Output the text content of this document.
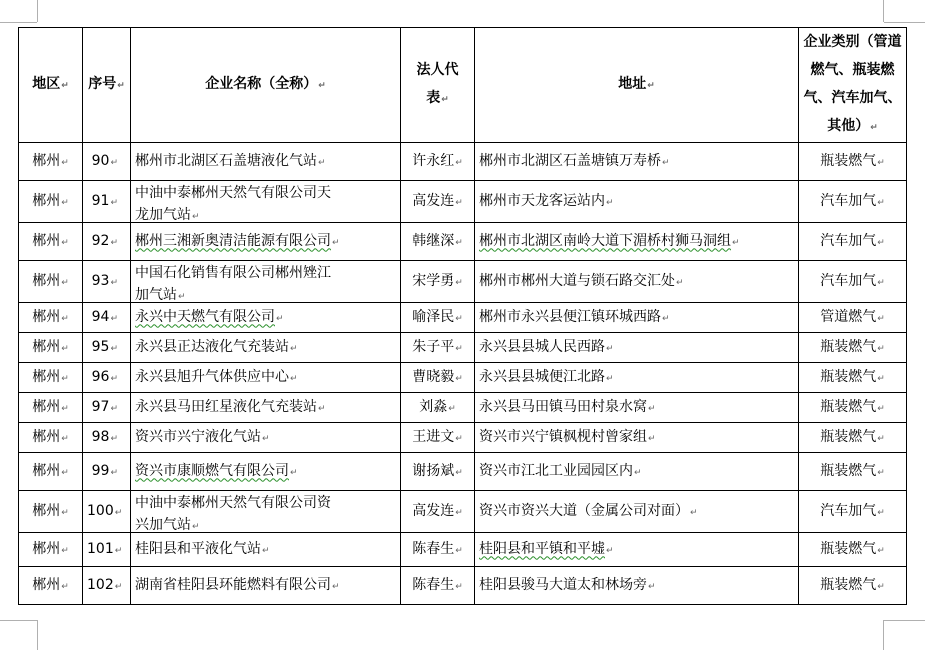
地区↵	序号↵	企业名称（全称）↵	法人代表↵	地址↵	企业类别（管道燃气、瓶装燃气、汽车加气、其他）↵
郴州↵	90↵	郴州市北湖区石盖塘液化气站↵	许永红↵	郴州市北湖区石盖塘镇万寿桥↵	瓶装燃气↵
郴州↵	91↵	中油中泰郴州天然气有限公司天龙加气站↵	高发连↵	郴州市天龙客运站内↵	汽车加气↵
郴州↵	92↵	郴州三湘新奥清洁能源有限公司↵	韩继深↵	郴州市北湖区南岭大道下湄桥村狮马洞组↵	汽车加气↵
郴州↵	93↵	中国石化销售有限公司郴州矬江加气站↵	宋学勇↵	郴州市郴州大道与锁石路交汇处↵	汽车加气↵
郴州↵	94↵	永兴中天燃气有限公司↵	喻泽民↵	郴州市永兴县便江镇环城西路↵	管道燃气↵
郴州↵	95↵	永兴县正达液化气充装站↵	朱子平↵	永兴县县城人民西路↵	瓶装燃气↵
郴州↵	96↵	永兴县旭升气体供应中心↵	曹晓毅↵	永兴县县城便江北路↵	瓶装燃气↵
郴州↵	97↵	永兴县马田红星液化气充装站↵	刘淼↵	永兴县马田镇马田村泉水窝↵	瓶装燃气↵
郴州↵	98↵	资兴市兴宁液化气站↵	王进文↵	资兴市兴宁镇枫枧村曾家组↵	瓶装燃气↵
郴州↵	99↵	资兴市康顺燃气有限公司↵	谢扬斌↵	资兴市江北工业园园区内↵	瓶装燃气↵
郴州↵	100↵	中油中泰郴州天然气有限公司资兴加气站↵	高发连↵	资兴市资兴大道（金属公司对面）↵	汽车加气↵
郴州↵	101↵	桂阳县和平液化气站↵	陈春生↵	桂阳县和平镇和平墟↵	瓶装燃气↵
郴州↵	102↵	湖南省桂阳县环能燃料有限公司↵	陈春生↵	桂阳县骏马大道太和林场旁↵	瓶装燃气↵
